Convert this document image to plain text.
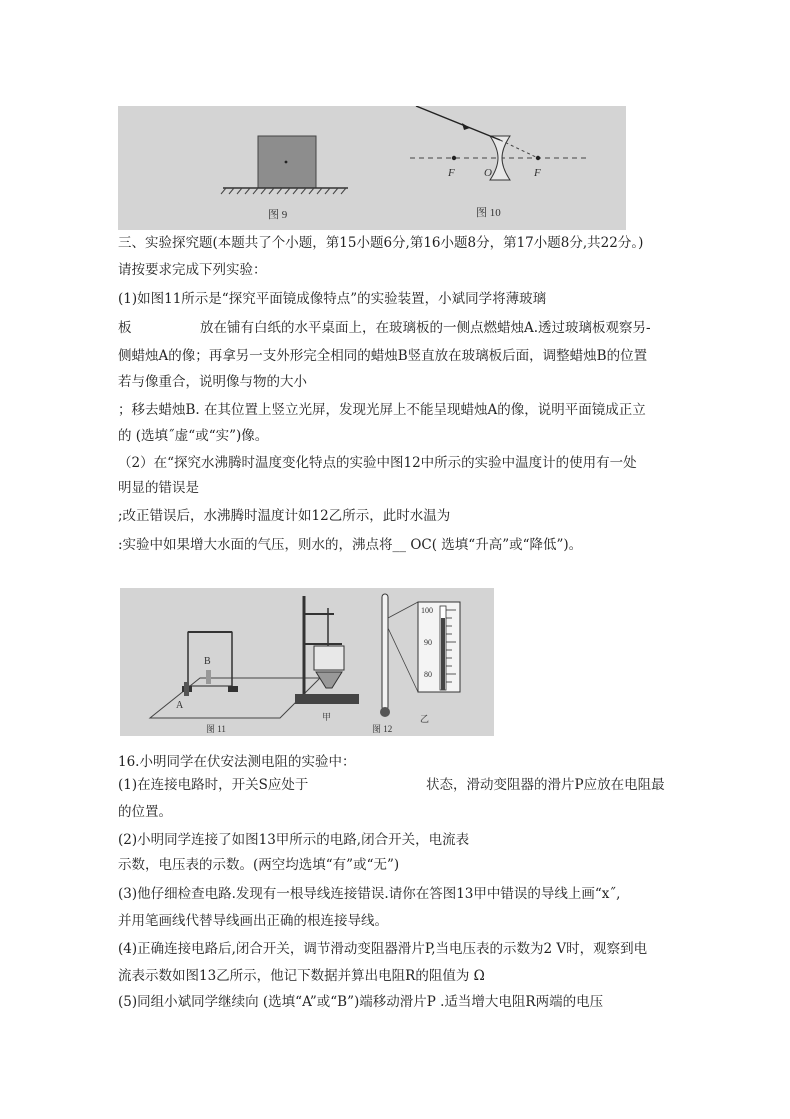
图 9
F	O	F
图 10
三、实验探究题(本题共了个小题，第15小题6分,第16小题8分，第17小题8分,共22分。)
请按要求完成下列实验：
(1)如图11所示是“探究平面镜成像特点”的实验装置，小斌同学将薄玻璃
板	放在铺有白纸的水平桌面上，在玻璃板的一侧点燃蜡烛A.透过玻璃板观察另-
侧蜡烛A的像；再拿另一支外形完全相同的蜡烛B竖直放在玻璃板后面，调整蜡烛B的位置
若与像重合，说明像与物的大小
；移去蜡烛B. 在其位置上竖立光屏，发现光屏上不能呈现蜡烛A的像，说明平面镜成正立
的 (选填˝虚“或“实”)像。
（2）在“探究水沸腾时温度变化特点的实验中图12中所示的实验中温度计的使用有一处
明显的错误是
;改正错误后，水沸腾时温度计如12乙所示，此时水温为
:实验中如果增大水面的气压，则水的，沸点将__ OC( 选填“升高”或“降低”)。
A
B
图 11
甲
图 12
100
90
80
乙
16.小明同学在伏安法测电阻的实验中：
(1)在连接电路时，开关S应处于	状态，滑动变阻器的滑片P应放在电阻最
的位置。
(2)小明同学连接了如图13甲所示的电路,闭合开关，电流表
示数，电压表的示数。(两空均选填“有”或“无”)
(3)他仔细检查电路.发现有一根导线连接错误.请你在答图13甲中错误的导线上画“x˝,
并用笔画线代替导线画出正确的根连接导线。
(4)正确连接电路后,闭合开关，调节滑动变阻器滑片P,当电压表的示数为2 V时，观察到电
流表示数如图13乙所示，他记下数据并算出电阻R的阻值为 Ω
(5)同组小斌同学继续向 (选填“A”或“B”)端移动滑片P .适当增大电阻R两端的电压
